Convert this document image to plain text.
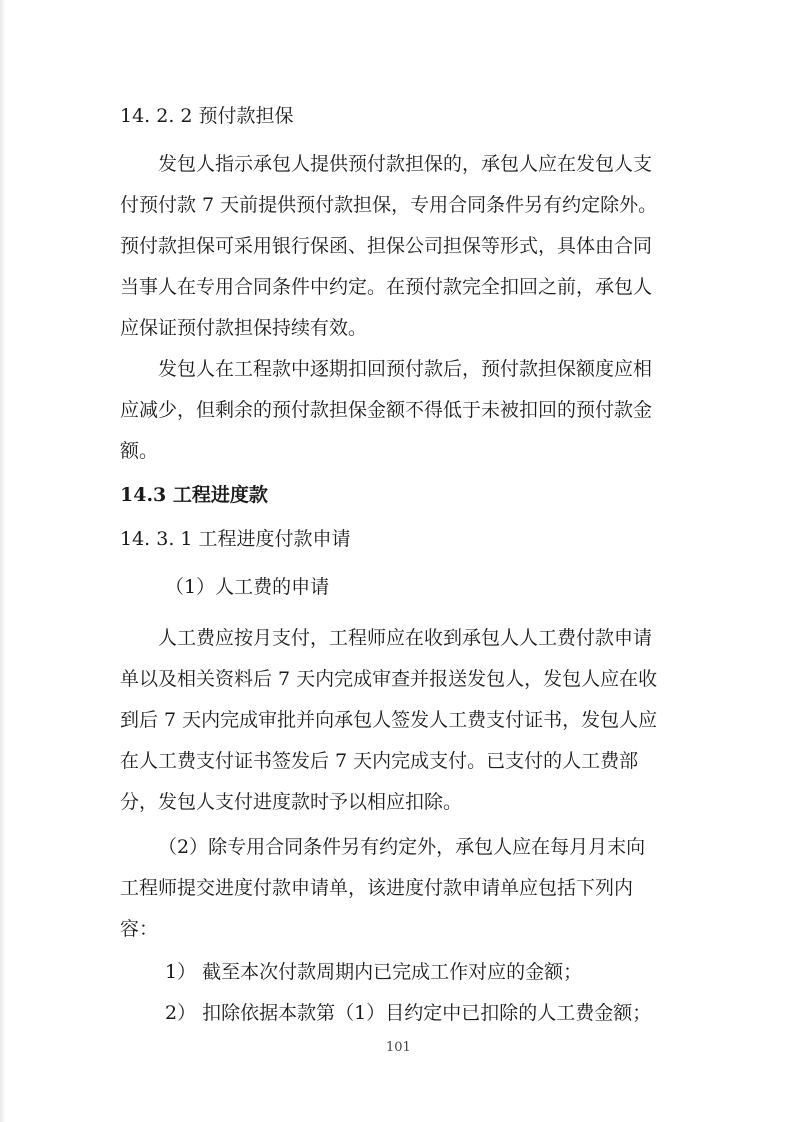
14. 2. 2 预付款担保
发包人指示承包人提供预付款担保的，承包人应在发包人支
付预付款 7 天前提供预付款担保，专用合同条件另有约定除外。
预付款担保可采用银行保函、担保公司担保等形式，具体由合同
当事人在专用合同条件中约定。在预付款完全扣回之前，承包人
应保证预付款担保持续有效。
发包人在工程款中逐期扣回预付款后，预付款担保额度应相
应减少，但剩余的预付款担保金额不得低于未被扣回的预付款金
额。
14.3 工程进度款
14. 3. 1 工程进度付款申请
（1）人工费的申请
人工费应按月支付，工程师应在收到承包人人工费付款申请
单以及相关资料后 7 天内完成审查并报送发包人，发包人应在收
到后 7 天内完成审批并向承包人签发人工费支付证书，发包人应
在人工费支付证书签发后 7 天内完成支付。已支付的人工费部
分，发包人支付进度款时予以相应扣除。
（2）除专用合同条件另有约定外，承包人应在每月月末向
工程师提交进度付款申请单，该进度付款申请单应包括下列内
容：
1） 截至本次付款周期内已完成工作对应的金额；
2） 扣除依据本款第（1）目约定中已扣除的人工费金额；
101
